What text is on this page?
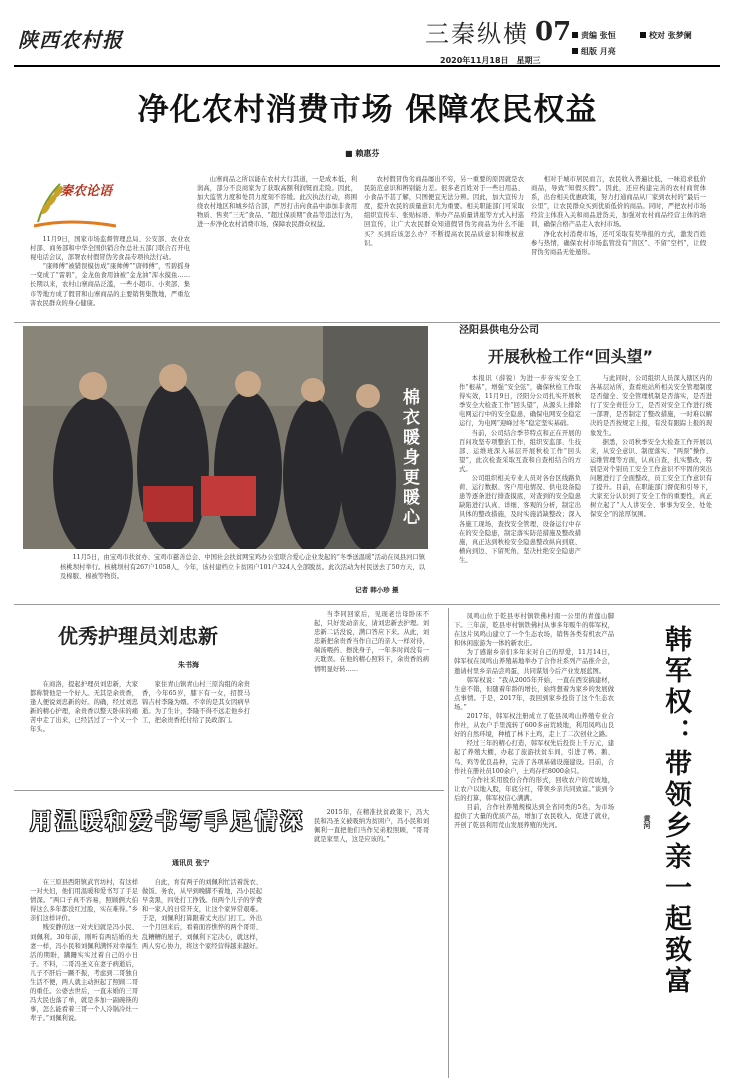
陕西农村报	三秦纵横 07
2020年11月18日　星期三
责编 张恒	校对 张梦阑
组版 月亮
净化农村消费市场 保障农民权益
■ 赖惠芬
秦农论语

11月9日，国家市场监督管理总局、公安部、农业农村部、商务部和中华全国供销合作总社五部门联合召开电视电话会议，部署农村假冒伪劣食品专项执法行动。

“康师傅”被错误模仿成“康帅傅”“唐师傅”，雪碧摇身一变成了“雷碧”，金龙鱼食用油被“金龙油”浑水摸鱼……长期以来，农村山寨商品泛滥，一些小超市、小卖部、集市等地方成了假冒和山寨商品的主要销售集散地，严重危害农民群众的身心健康。

山寨商品之所以能在农村大行其道，一是成本低，利润高，部分不良商家为了获取高额利润铤而走险。因此，加大监管力度和处罚力度刻不容缓。此次执法行动，将围绕农村地区和城乡结合部，严厉打击向食品中添加非食用物质、售卖“三无”食品、“超过保质期”食品等违法行为，进一步净化农村消费市场，保障农民群众权益。

农村假冒伪劣商品屡出不穷，另一重要的原因就是农民防范意识和辨别能力差。很多老百姓对于一些日用品、小食品不甚了解，只图便宜无法分辨。因此，加大宣传力度，提升农民的质量意识尤为重要。相关职能部门可采取组织宣传车、张贴标语、举办产品质量讲座等方式入村巡回宣传，让广大农民群众知道假冒伪劣商品为什么不能买？买到后该怎么办？不断提高农民品质意识和维权意识。

相对于城市居民而言，农民收入普遍比低，一味追求低价商品，导致“知假买假”。因此，还应构建完善的农村商贸体系，出台相关优惠政策，努力打通商品从厂家到农村的“最后一公里”，让农民群众买到优质低价的商品。同时，严把农村市场经营主体准入关和商品进货关，加强对农村商品经营主体的培训，确保合格产品走入农村市场。

净化农村消费市场，还可采取有奖举报的方式，激发百姓参与热情，确保农村市场监管没有“盲区”、不留“空档”，让假冒伪劣商品无处遁形。

棉衣暖身更暖心

11月5日，由宝鸡市扶贫办、宝鸡市慈善总会、中国社会扶贫网宝鸡办公室联合爱心企业发起的“冬季送温暖”活动在凤县河口镇核桃坝村举行。核桃坝村有267户1058人，今年，该村建档立卡贫困户101户324人全部脱贫。此次活动为村民送去了50方天，以及棉服、棉被等物资。

记者 韩小珍 摄
泾阳县供电分公司
开展秋检工作“回头望”

本报讯（薛锐）为进一步夯实安全工作“根基”，增强“安全弦”，确保秋检工作取得实效，11月9日，泾阳分公司扎实开展秋季安全大检查工作“回头望”，从源头上排除电网运行中的安全隐患，确保电网安全稳定运行，为电网“迎峰过冬”稳定坚实基础。

当前，公司结合季节特点和正在开展的百问攻坚专项整治工作，组织安监部、生技部、运维班深入基层开展秋检工作“回头望”，此次检查采取互查和自查相结合的方式。

公司组织相关专业人员对各台区线路负荷、运行数据、客户用电情况、供电设备隐患等逐条进行排查摸底，对查到的安全隐患缺陷进行认真、详细、客观的分析，制定出具体的整改措施，及时实施消缺整改；深入各施工现场，查找安全管理、设备运行中存在的安全隐患，制定落实防范措施及整改措施，真正达到秋检安全隐患整改纵向到底、横向到边、下留死角，坚决杜绝安全隐患产生。

与此同时，公司组织人员深入辖区内的各基层站所，查看班站所相关安全管理制度是否健全、安全管理机制是否落实，是否进行了安全责任分工，是否对安全工作进行统一部署，是否制定了整改措施，一时难以解决的是否按规定上报，有没有跟踪上报的现象发生。

据悉，公司秋季安全大检查工作开展以来，从安全意识、制度落实、“两票”操作、运维管理等方面，认真自查，扎实整改，特别是对个别员工安全工作意识不牢固的突出问题进行了全面整改，员工安全工作意识有了提升。目前，在职能部门督促和引导下，大家充分认识到了安全工作的重要性，真正树立起了“人人讲安全、事事为安全、处处保安全”的浓厚氛围。

优秀护理员刘忠新
朱书海

在商洛，提起护理员刘忠新，大家都称赞他是一个好人。无其是余贵香，逢人便说刘忠新的好。的确，经过刘忠新的精心护理，余贵香以整天卧床的痛苦中走了出来，已经活过了一个又一个年头。

家住青山镇青山村三原沟组的余贵香，今年65岁，膝下有一女，招赘马锦吉村李隆为婿。不幸的是其女因病早逝。为了生计，李隆不得不远走他乡打工，把余贵香托付给了民政部门。

当李同回家后，见现老岳母卧床不起，只好发动亲友，请刘忠新去护理。刘忠新二话没说，满口答应下来。从此，刘忠新把余贵香当作自己的亲人一样对待，端汤喂药、擦洗身子，一年多时间没有一天耽误。在他的精心照料下，余贵香的病情明显好转……

用温暖和爱书写手足情深
通讯员 张宁

在三原县西阳镇武官坊村，有这样一对夫妇，他们用温暖和爱书写了手足情深。“两口子真不容易，照顾俩大伯得这么多年都没红过脸，实在难得。”乡亲们这样评价。

贱安静的这一对夫妇就是冯小民、刘佩利。30年前，刚听有两结婚的夫妻一样，冯小民和刘佩利满怀对幸福生活的期盼，蹒跚实实过着自己的小日子。不料，二哥冯圣义在妻子病逝后，儿子不肝后一蹶不振，考虑到二哥独自生活不便，两人就主动担起了照顾二哥的重任。公婆去世后，一直未婚的三哥冯大民也落了单，就是多加一副碗筷的事，怎么能看着三哥一个人冷锅冷灶一辈子。”刘佩利说。

自此，育有两子的刘佩利忙活着洗衣、做饭、务农，从早到晚脚不着地，冯小民起早贪黑，四处打工挣钱。但两个儿子的学费和一家人的日常开支，让这个家异常艰难。于是，刘佩利打算跟着丈夫出门打工。外出一个月回来后，看着面容憔悴的两个哥哥、乱糟糟的屋子，刘佩利下定决心，就这样，两人穷心协力，将这个家经营得越来越好。

2015年，在精准扶贫政策下，冯大民和冯圣义被吸纳为贫困户，冯小民和刘佩利一直把他们当作兄弟般照顾，“哥哥就是家里人，这是应该的。”

凤鸣山位于乾县枣村镇铁佛村南一公里的青莲山脚下。三年前，乾县枣村镇铁佛村从事多年贩牛的韩军权，在这片凤鸣山建立了一个生态农场，销售各类有机农产品和休闲旅游为一体的新农庄。

为了感谢乡亲们多年来对自己的厚爱，11月14日，韩军权在凤鸣山养殖基地举办了合作社系列产品推介会，邀请村里乡亲品尝鸡蛋，共同谋划今后产业发展蓝图。

韩军权说：“我从2005年开始，一直在西安搞建材，生意不错，但随着年龄的增长，始终想着为家乡的发展做点事情。于是，2017年，我回到家乡投资了这个生态农场。”

2017年，韩军权注册成立了乾县凤鸣山养殖专业合作社，从农户手里流转了600多亩荒坡地，利用凤鸣山良好的自然环境，种植了林下土鸡，走上了二次创业之路。

经过三年的精心打造，韩军权先后投资上千万元，建起了养殖大棚，办起了旅游扶贫车间，引进了鸭、鹅、鸟、鸡等优良品种，完善了各项基础设施建设。目前，合作社在册社员100余户，土鸡存栏8000余只。

“合作社采用股份合作的形式，回收农户的荒坡地，让农户以地入股，年底分红，带领乡亲共同致富。”谈到今后的打算，韩军权信心满满。

目前，合作社养殖规模达到全省同类的5名，为市场提供了大量的优质产品，增加了农民收入，促进了就业，开创了乾县利用荒山发展养殖的先河。	韩军权：带领乡亲一起致富
黄河
